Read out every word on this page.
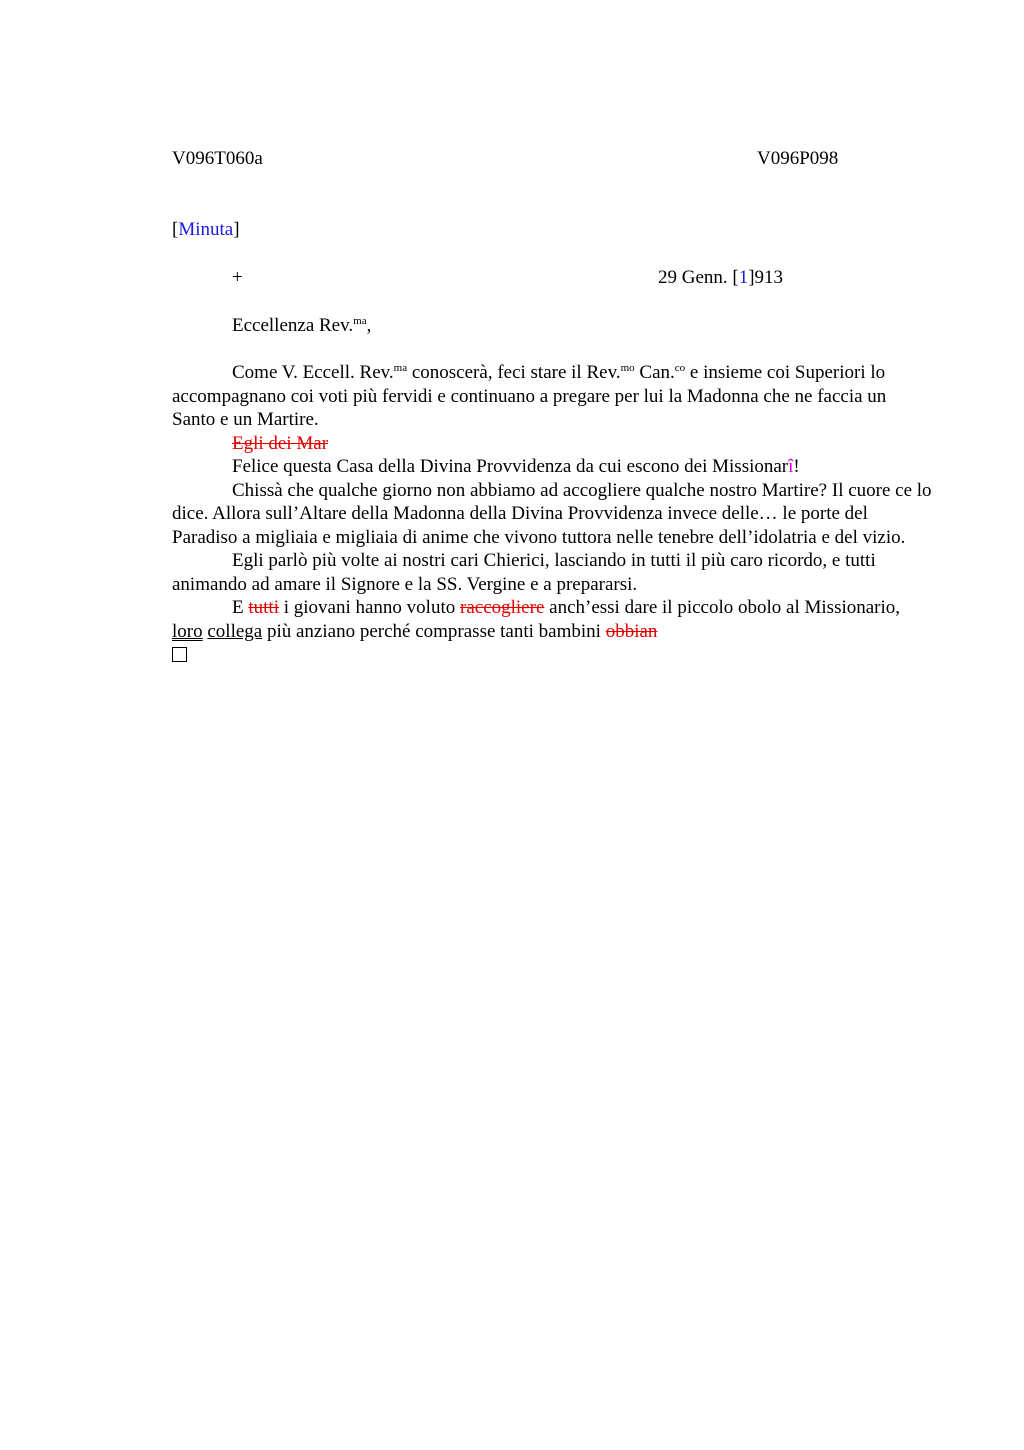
V096T060a	V096P098
[Minuta]
+	29 Genn. [1]913
Eccellenza Rev.$^{ma}$,

Come V. Eccell. Rev.$^{ma}$ conoscerà, feci stare il Rev.$^{mo}$ Can.$^{co}$ e insieme coi Superiori lo accompagnano coi voti più fervidi e continuano a pregare per lui la Madonna che ne faccia un Santo e un Martire.

Egli dei Mar

Felice questa Casa della Divina Provvidenza da cui escono dei Missionarî!

Chissà che qualche giorno non abbiamo ad accogliere qualche nostro Martire? Il cuore ce lo dice. Allora sull’Altare della Madonna della Divina Provvidenza invece delle… le porte del Paradiso a migliaia e migliaia di anime che vivono tuttora nelle tenebre dell’idolatria e del vizio.

Egli parlò più volte ai nostri cari Chierici, lasciando in tutti il più caro ricordo, e tutti animando ad amare il Signore e la SS. Vergine e a prepararsi.

E tutti i giovani hanno voluto raccogliere anch’essi dare il piccolo obolo al Missionario, loro collega più anziano perché comprasse tanti bambini obbian
